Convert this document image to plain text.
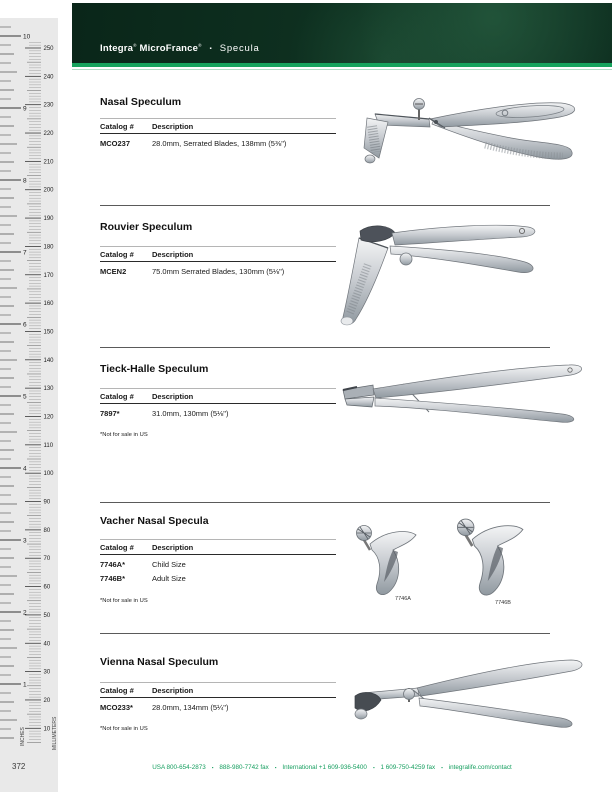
1
2
3
4
5
6
7
8
9
10
10
20
30
40
50
60
70
80
90
100
110
120
130
140
150
160
170
180
190
200
210
220
230
240
250
INCHES	MILLIMETERS
Integra® MicroFrance® ▪ Specula
Nasal Speculum
Catalog #	Description
MCO237	28.0mm, Serrated Blades, 138mm (5⅜")
Rouvier Speculum
Catalog #	Description
MCEN2	75.0mm Serrated Blades, 130mm (5⅛")
Tieck-Halle Speculum
Catalog #	Description
7897*	31.0mm, 130mm (5⅛")
*Not for sale in US
Vacher Nasal Specula
Catalog #	Description
7746A*	Child Size
7746B*	Adult Size
*Not for sale in US	7746A
7746B
Vienna Nasal Speculum
Catalog #	Description
MCO233*	28.0mm, 134mm (5¼")
*Not for sale in US
372	USA 800-654-2873 ▪ 888-980-7742 fax ▪ International +1 609-936-5400 ▪ 1 609-750-4259 fax ▪ integralife.com/contact
